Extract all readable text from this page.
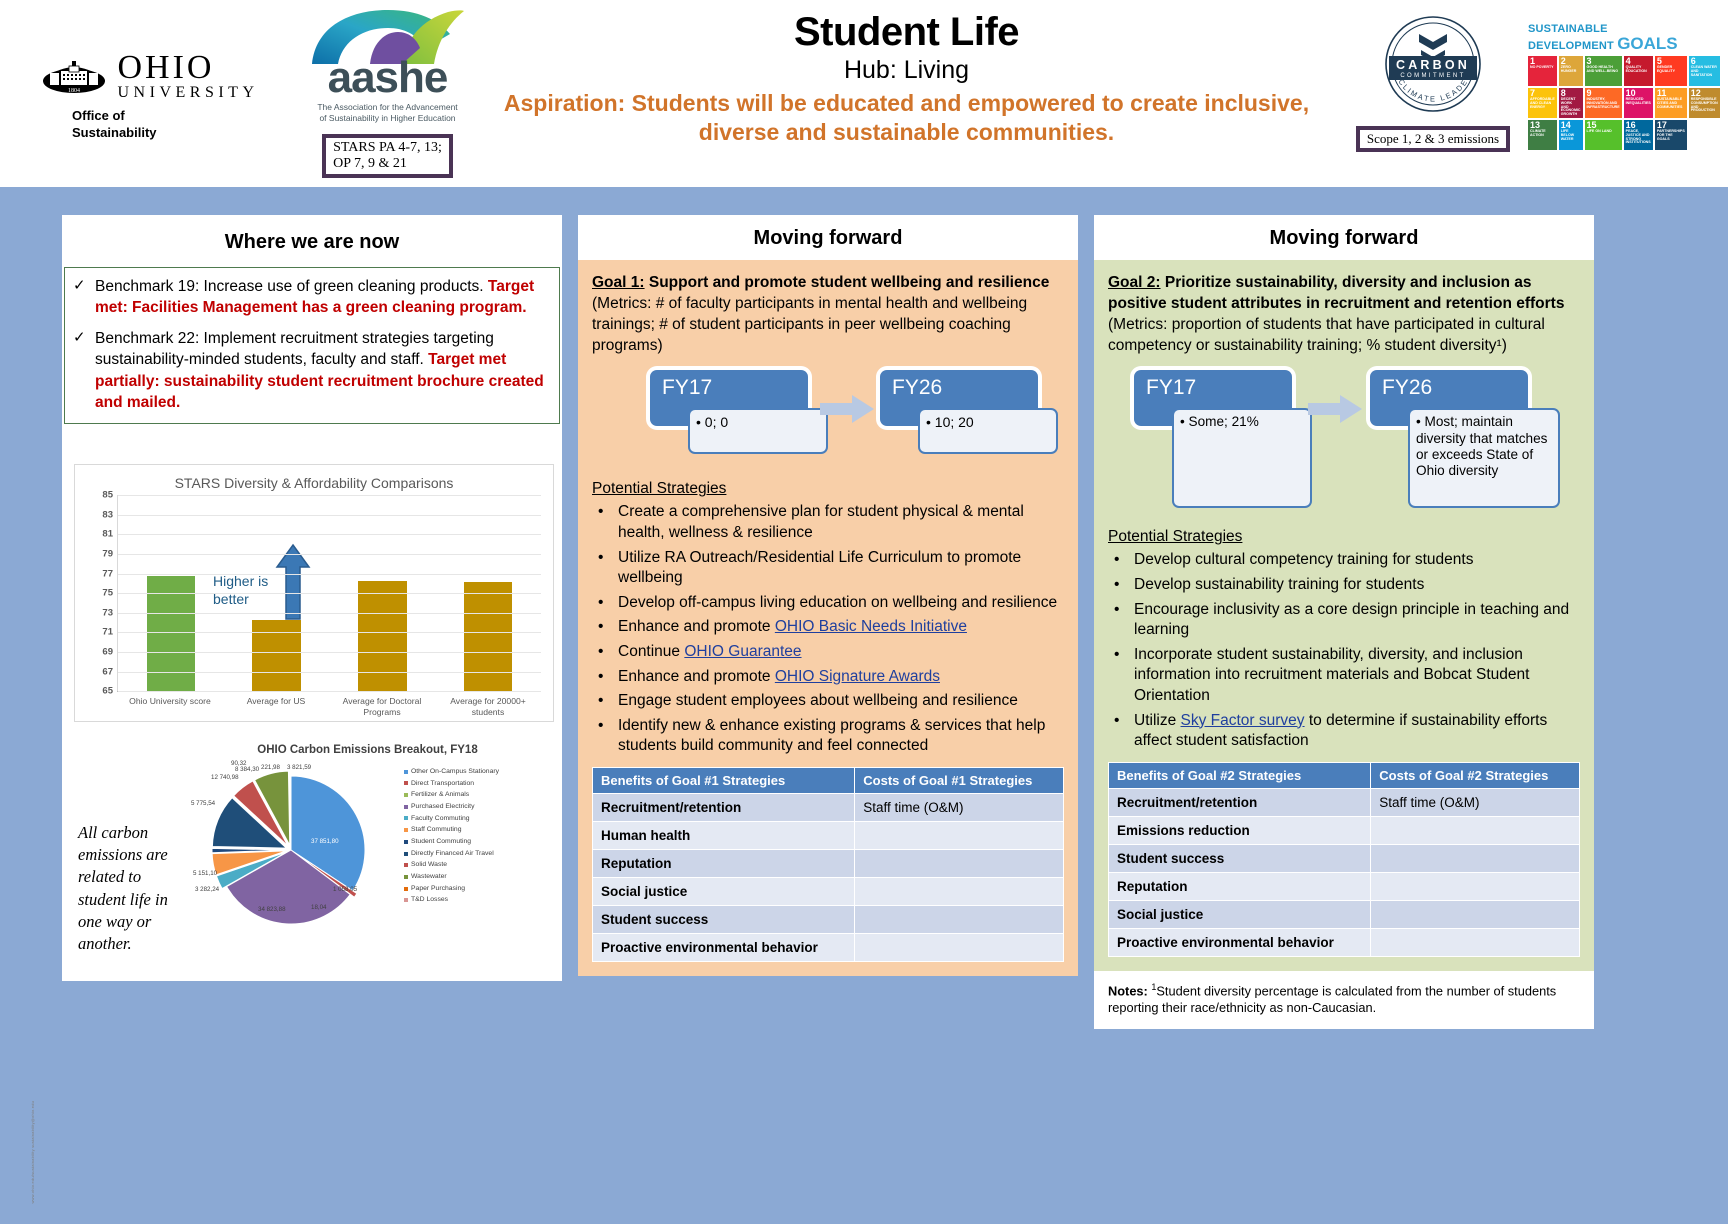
1804
OHIO
UNIVERSITY
Office of
Sustainability
aashe
The Association for the Advancement
of Sustainability in Higher Education
STARS PA 4-7, 13;
OP 7, 9 & 21
Student Life
Hub: Living
Aspiration: Students will be educated and empowered to create inclusive, diverse and sustainable communities.
CARBON
COMMITMENT
CLIMATE LEADER
Scope 1, 2 & 3 emissions
SUSTAINABLE
DEVELOPMENT GOALS
1
NO POVERTY
2
ZERO HUNGER
3
GOOD HEALTH AND WELL-BEING
4
QUALITY EDUCATION
5
GENDER EQUALITY
6
CLEAN WATER AND SANITATION
7
AFFORDABLE AND CLEAN ENERGY
8
DECENT WORK AND ECONOMIC GROWTH
9
INDUSTRY, INNOVATION AND INFRASTRUCTURE
10
REDUCED INEQUALITIES
11
SUSTAINABLE CITIES AND COMMUNITIES
12
RESPONSIBLE CONSUMPTION AND PRODUCTION
13
CLIMATE ACTION
14
LIFE BELOW WATER
15
LIFE ON LAND
16
PEACE, JUSTICE AND STRONG INSTITUTIONS
17
PARTNERSHIPS FOR THE GOALS
Where we are now
✓ Benchmark 19: Increase use of green cleaning products. Target met: Facilities Management has a green cleaning program.
✓ Benchmark 22: Implement recruitment strategies targeting sustainability-minded students, faculty and staff. Target met partially: sustainability student recruitment brochure created and mailed.
STARS Diversity & Affordability Comparisons
Higher is
better
85
83
81
79
77
75
73
71
69
67
65
Ohio University score	Average for US	Average for Doctoral Programs
Average for 20000+ students
All carbon emissions are related to student life in one way or another.
OHIO Carbon Emissions Breakout, FY18
37 851,80
1 058,05
18,04
34 823,88
3 282,24
5 151,10
12 740,98
5 775,54
8 384,30
90,32
221,98 3 821,59
Other On-Campus Stationary
Direct Transportation
Fertilizer & Animals
Purchased Electricity
Faculty Commuting
Staff Commuting
Student Commuting
Directly Financed Air Travel
Solid Waste
Wastewater
Paper Purchasing
T&D Losses
Moving forward
Goal 1: Support and promote student wellbeing and resilience (Metrics: # of faculty participants in mental health and wellbeing trainings; # of student participants in peer wellbeing coaching programs)
FY17
• 0; 0
FY26
• 10; 20
Potential Strategies
• Create a comprehensive plan for student physical & mental health, wellness & resilience
• Utilize RA Outreach/Residential Life Curriculum to promote wellbeing
• Develop off-campus living education on wellbeing and resilience
• Enhance and promote OHIO Basic Needs Initiative
• Continue OHIO Guarantee
• Enhance and promote OHIO Signature Awards
• Engage student employees about wellbeing and resilience
• Identify new & enhance existing programs & services that help students build community and feel connected
Benefits of Goal #1 Strategies	Costs of Goal #1 Strategies
Recruitment/retention	Staff time (O&M)
Human health	
Reputation	
Social justice	
Student success	
Proactive environmental behavior	
Moving forward
Goal 2: Prioritize sustainability, diversity and inclusion as positive student attributes in recruitment and retention efforts (Metrics: proportion of students that have participated in cultural competency or sustainability training; % student diversity¹)
FY17
• Some; 21%
FY26
• Most; maintain diversity that matches or exceeds State of Ohio diversity
Potential Strategies
• Develop cultural competency training for students
• Develop sustainability training for students
• Encourage inclusivity as a core design principle in teaching and learning
• Incorporate student sustainability, diversity, and inclusion information into recruitment materials and Bobcat Student Orientation
• Utilize Sky Factor survey to determine if sustainability efforts affect student satisfaction
Benefits of Goal #2 Strategies	Costs of Goal #2 Strategies
Recruitment/retention	Staff time (O&M)
Emissions reduction	
Student success	
Reputation	
Social justice	
Proactive environmental behavior	
Notes: $^1$Student diversity percentage is calculated from the number of students reporting their race/ethnicity as non-Caucasian.
www.ohio.edu/sustainability sustainability@ohio.edu
